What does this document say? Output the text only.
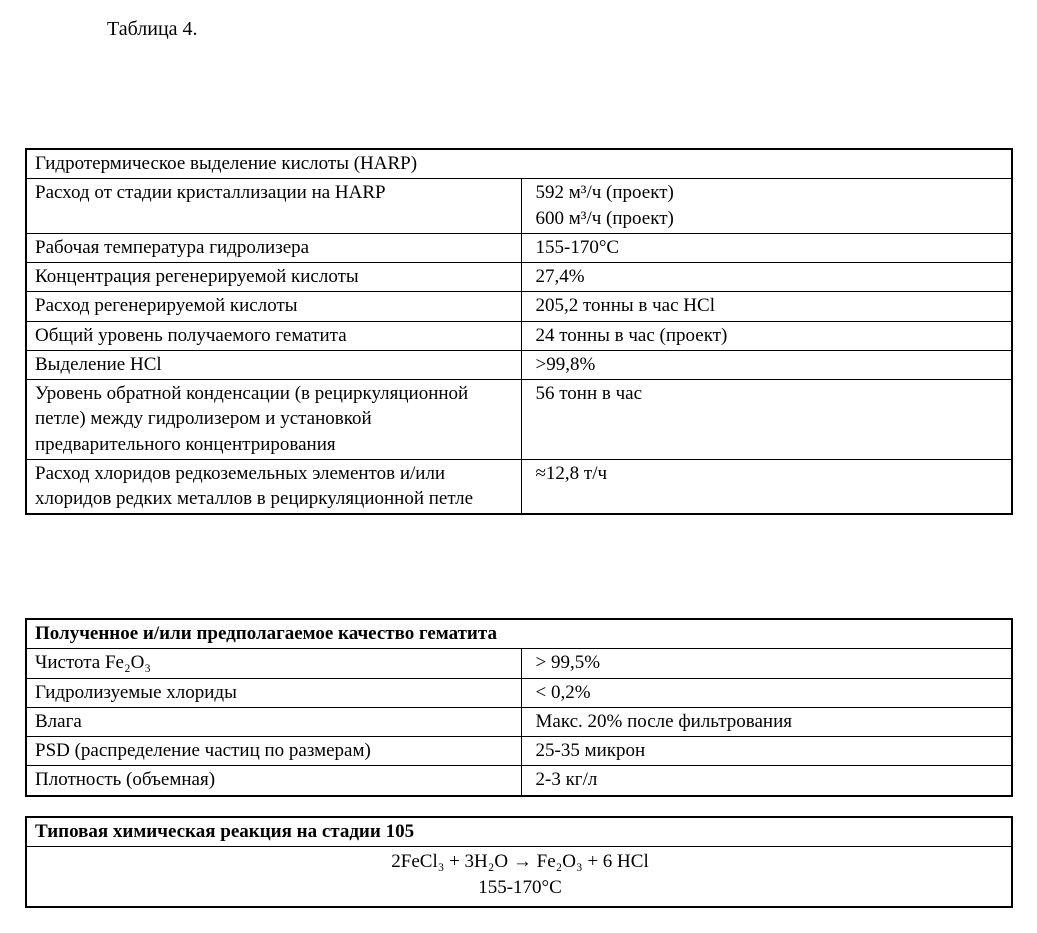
Таблица 4.
Гидротермическое выделение кислоты (HARP)	
Расход от стадии кристаллизации на HARP	592 м³/ч (проект)
600 м³/ч (проект)
Рабочая температура гидролизера	155-170°С
Концентрация регенерируемой кислоты	27,4%
Расход регенерируемой кислоты	205,2 тонны в час HCl
Общий уровень получаемого гематита	24 тонны в час (проект)
Выделение HCl	>99,8%
Уровень обратной конденсации (в рециркуляционной петле) между гидролизером и установкой предварительного концентрирования	56 тонн в час
Расход хлоридов редкоземельных элементов и/или хлоридов редких металлов в рециркуляционной петле	≈12,8 т/ч
Полученное и/или предполагаемое качество гематита	
Чистота Fe₂O₃	> 99,5%
Гидролизуемые хлориды	< 0,2%
Влага	Макс. 20% после фильтрования
PSD (распределение частиц по размерам)	25-35 микрон
Плотность (объемная)	2-3 кг/л
Типовая химическая реакция на стадии 105
2FeCl₃ + 3H₂O → Fe₂O₃ + 6 HCl
155-170°С
